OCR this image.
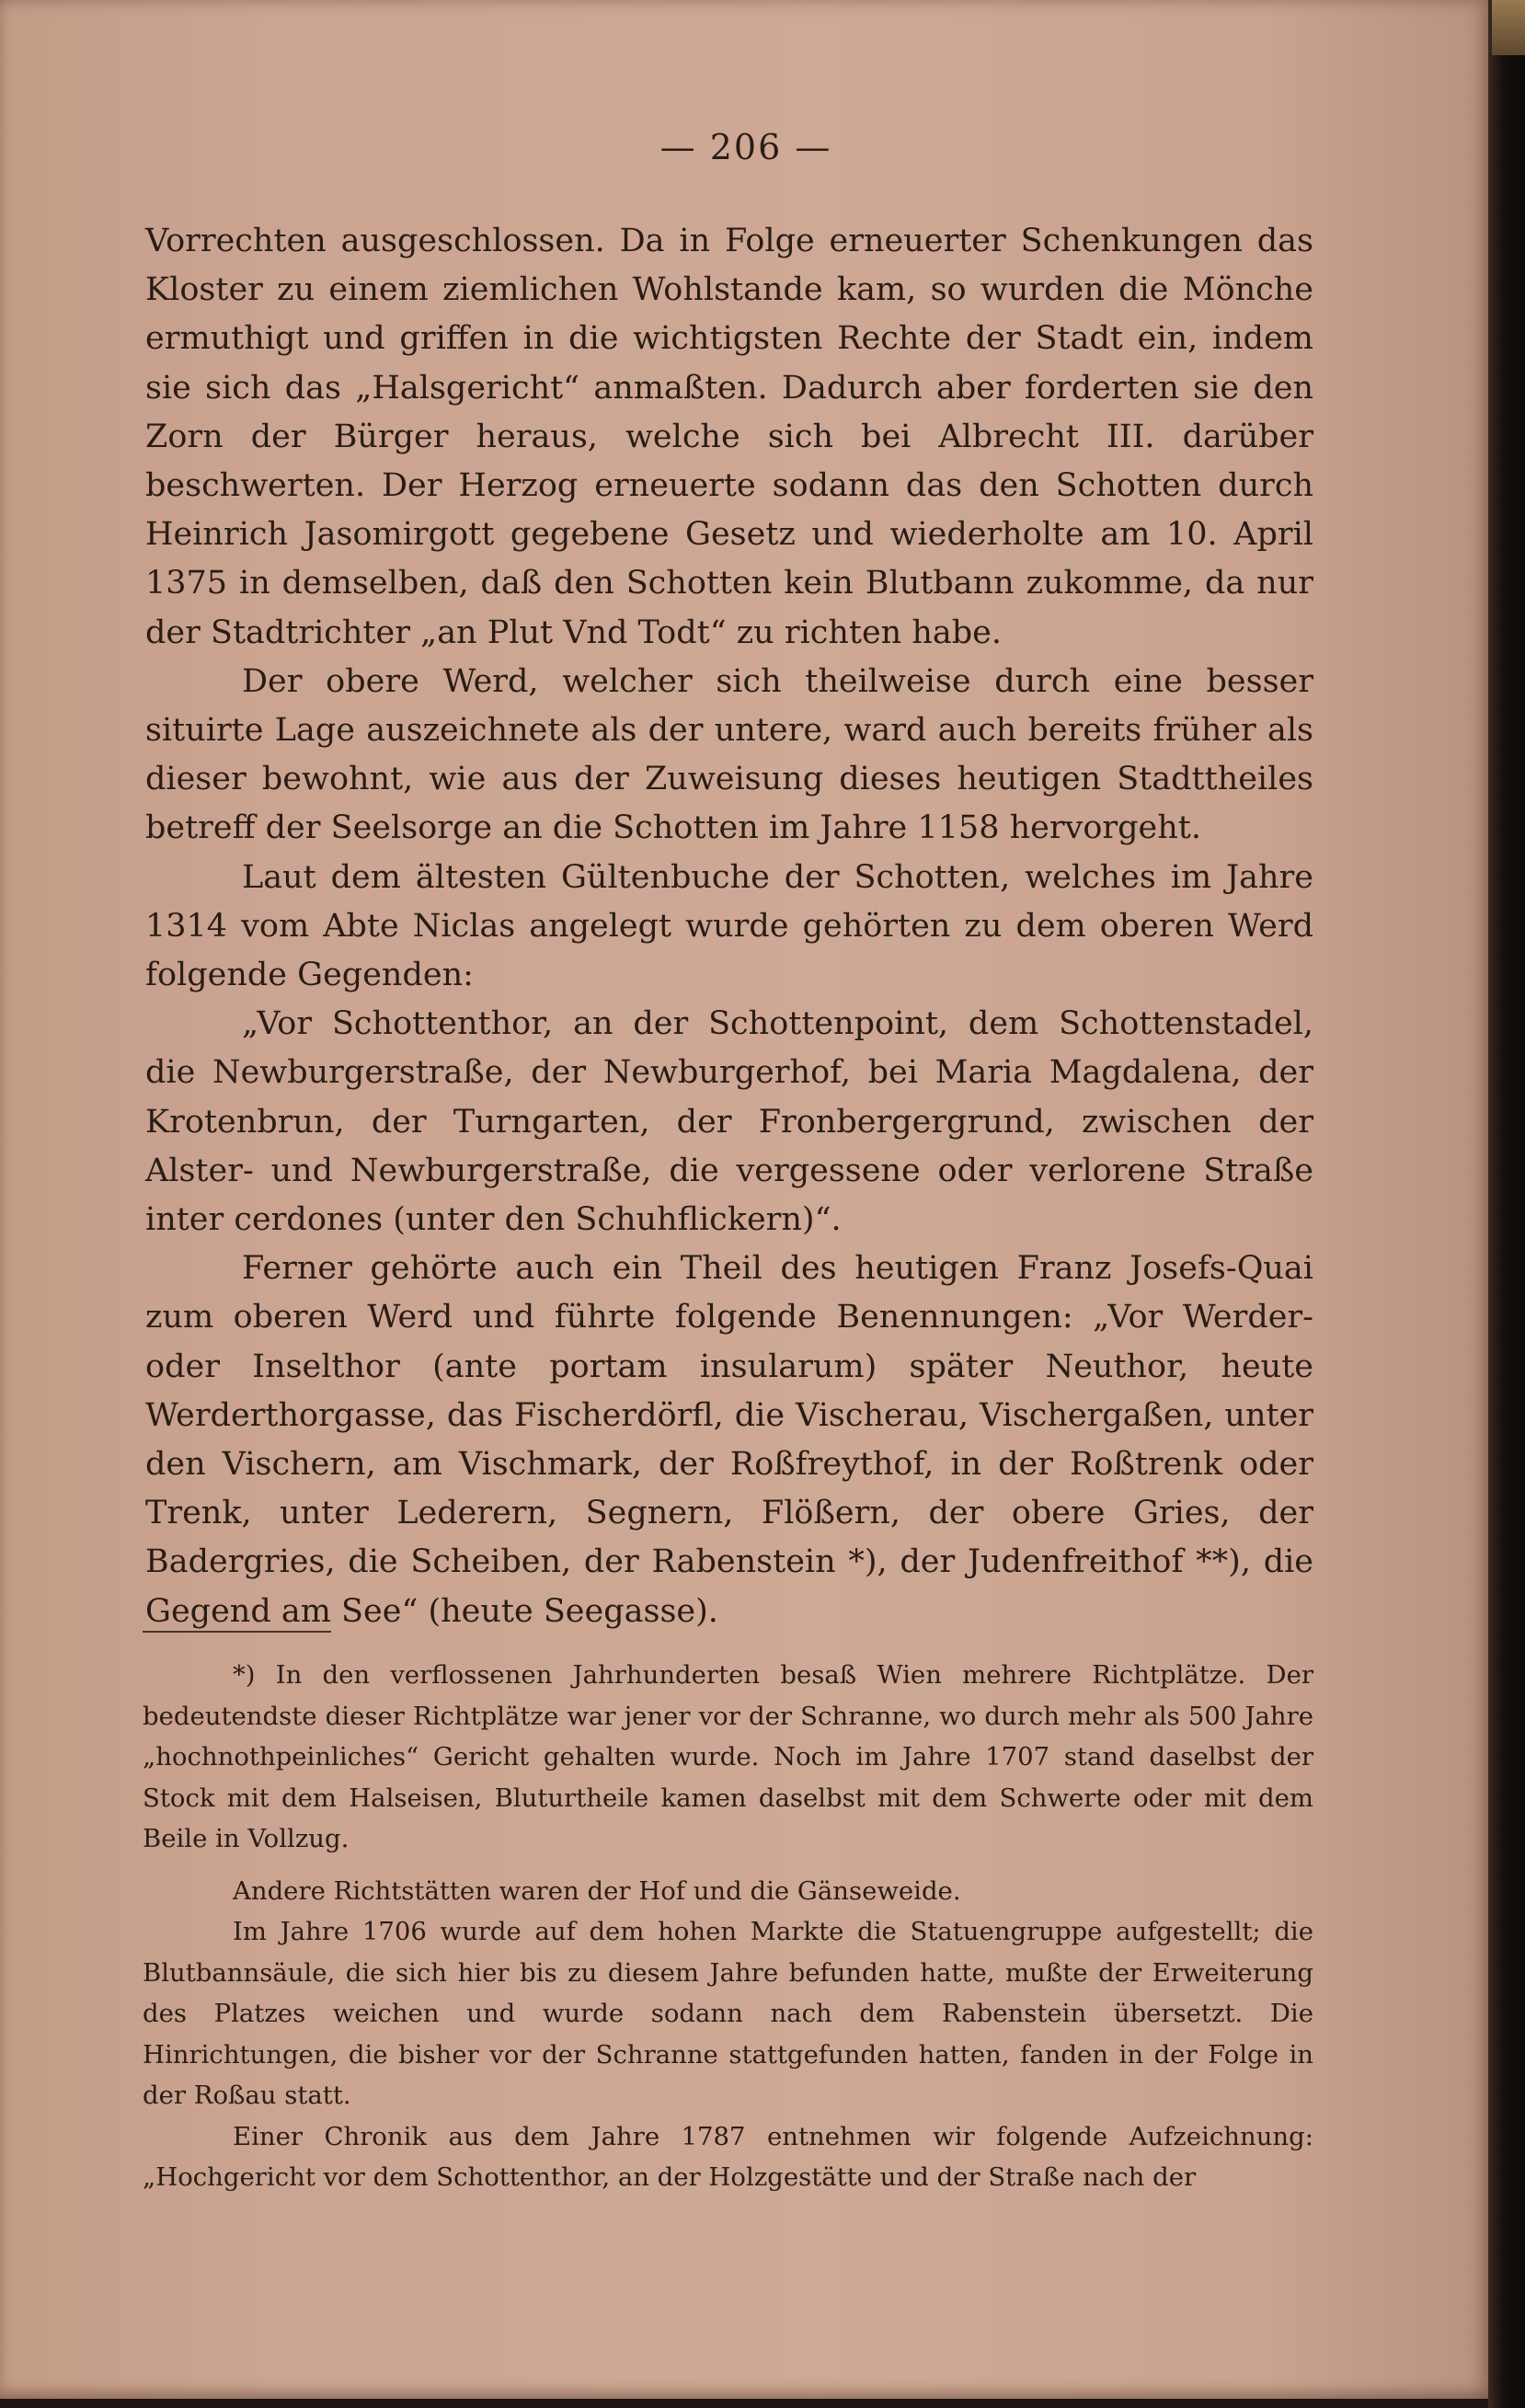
— 206 —

Vorrechten ausgeschlossen. Da in Folge erneuerter Schenkungen das Kloster zu einem ziemlichen Wohlstande kam, so wurden die Mönche ermuthigt und griffen in die wichtigsten Rechte der Stadt ein, indem sie sich das „Halsgericht“ anmaßten. Dadurch aber forderten sie den Zorn der Bürger heraus, welche sich bei Albrecht III. darüber beschwerten. Der Herzog erneuerte sodann das den Schotten durch Heinrich Jasomirgott gegebene Gesetz und wiederholte am 10. April 1375 in demselben, daß den Schotten kein Blutbann zukomme, da nur der Stadtrichter „an Plut Vnd Todt“ zu richten habe.

Der obere Werd, welcher sich theilweise durch eine besser situirte Lage auszeichnete als der untere, ward auch bereits früher als dieser bewohnt, wie aus der Zuweisung dieses heutigen Stadttheiles betreff der Seelsorge an die Schotten im Jahre 1158 hervorgeht.

Laut dem ältesten Gültenbuche der Schotten, welches im Jahre 1314 vom Abte Niclas angelegt wurde gehörten zu dem oberen Werd folgende Gegenden:

„Vor Schottenthor, an der Schottenpoint, dem Schottenstadel, die Newburgerstraße, der Newburgerhof, bei Maria Magdalena, der Krotenbrun, der Turngarten, der Fronbergergrund, zwischen der Alster- und Newburgerstraße, die vergessene oder verlorene Straße inter cerdones (unter den Schuhflickern)“.

Ferner gehörte auch ein Theil des heutigen Franz Josefs-Quai zum oberen Werd und führte folgende Benennungen: „Vor Werder- oder Inselthor (ante portam insularum) später Neuthor, heute Werderthorgasse, das Fischerdörfl, die Vischerau, Vischergaßen, unter den Vischern, am Vischmark, der Roßfreythof, in der Roßtrenk oder Trenk, unter Lederern, Segnern, Flößern, der obere Gries, der Badergries, die Scheiben, der Rabenstein *), der Judenfreithof **), die Gegend am See“ (heute Seegasse).

*) In den verflossenen Jahrhunderten besaß Wien mehrere Richtplätze. Der bedeutendste dieser Richtplätze war jener vor der Schranne, wo durch mehr als 500 Jahre „hochnothpeinliches“ Gericht gehalten wurde. Noch im Jahre 1707 stand daselbst der Stock mit dem Halseisen, Bluturtheile kamen daselbst mit dem Schwerte oder mit dem Beile in Vollzug.

Andere Richtstätten waren der Hof und die Gänseweide.

Im Jahre 1706 wurde auf dem hohen Markte die Statuengruppe aufgestellt; die Blutbannsäule, die sich hier bis zu diesem Jahre befunden hatte, mußte der Erweiterung des Platzes weichen und wurde sodann nach dem Rabenstein übersetzt. Die Hinrichtungen, die bisher vor der Schranne stattgefunden hatten, fanden in der Folge in der Roßau statt.

Einer Chronik aus dem Jahre 1787 entnehmen wir folgende Aufzeichnung: „Hochgericht vor dem Schottenthor, an der Holzgestätte und der Straße nach der
